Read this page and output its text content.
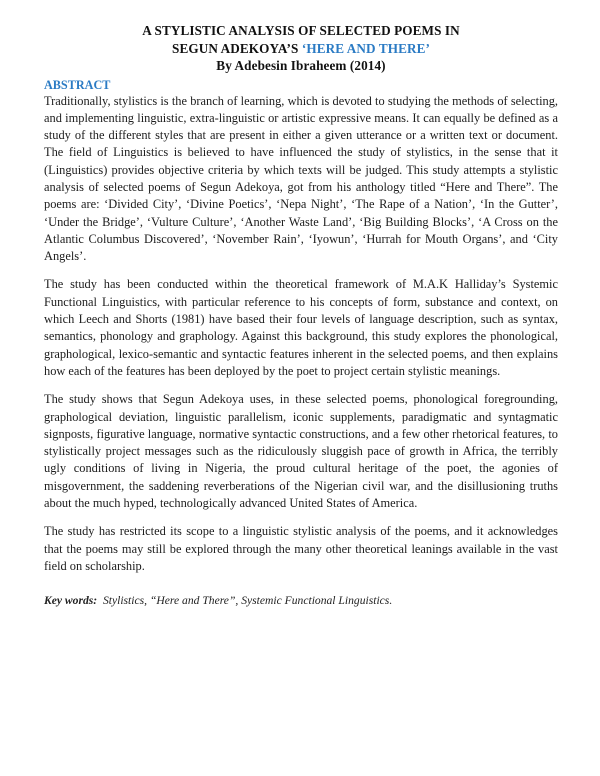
A STYLISTIC ANALYSIS OF SELECTED POEMS IN
SEGUN ADEKOYA’S ‘HERE AND THERE’
By Adebesin Ibraheem (2014)
ABSTRACT

Traditionally, stylistics is the branch of learning, which is devoted to studying the methods of selecting, and implementing linguistic, extra-linguistic or artistic expressive means. It can equally be defined as a study of the different styles that are present in either a given utterance or a written text or document. The field of Linguistics is believed to have influenced the study of stylistics, in the sense that it (Linguistics) provides objective criteria by which texts will be judged. This study attempts a stylistic analysis of selected poems of Segun Adekoya, got from his anthology titled “Here and There”. The poems are: ‘Divided City’, ‘Divine Poetics’, ‘Nepa Night’, ‘The Rape of a Nation’, ‘In the Gutter’, ‘Under the Bridge’, ‘Vulture Culture’, ‘Another Waste Land’, ‘Big Building Blocks’, ‘A Cross on the Atlantic Columbus Discovered’, ‘November Rain’, ‘Iyowun’, ‘Hurrah for Mouth Organs’, and ‘City Angels’.

The study has been conducted within the theoretical framework of M.A.K Halliday’s Systemic Functional Linguistics, with particular reference to his concepts of form, substance and context, on which Leech and Shorts (1981) have based their four levels of language description, such as syntax, semantics, phonology and graphology. Against this background, this study explores the phonological, graphological, lexico-semantic and syntactic features inherent in the selected poems, and then explains how each of the features has been deployed by the poet to project certain stylistic meanings.

The study shows that Segun Adekoya uses, in these selected poems, phonological foregrounding, graphological deviation, linguistic parallelism, iconic supplements, paradigmatic and syntagmatic signposts, figurative language, normative syntactic constructions, and a few other rhetorical features, to stylistically project messages such as the ridiculously sluggish pace of growth in Africa, the terribly ugly conditions of living in Nigeria, the proud cultural heritage of the poet, the agonies of misgovernment, the saddening reverberations of the Nigerian civil war, and the disillusioning truths about the much hyped, technologically advanced United States of America.

The study has restricted its scope to a linguistic stylistic analysis of the poems, and it acknowledges that the poems may still be explored through the many other theoretical leanings available in the vast field on scholarship.

Key words:  Stylistics, “Here and There”, Systemic Functional Linguistics.
